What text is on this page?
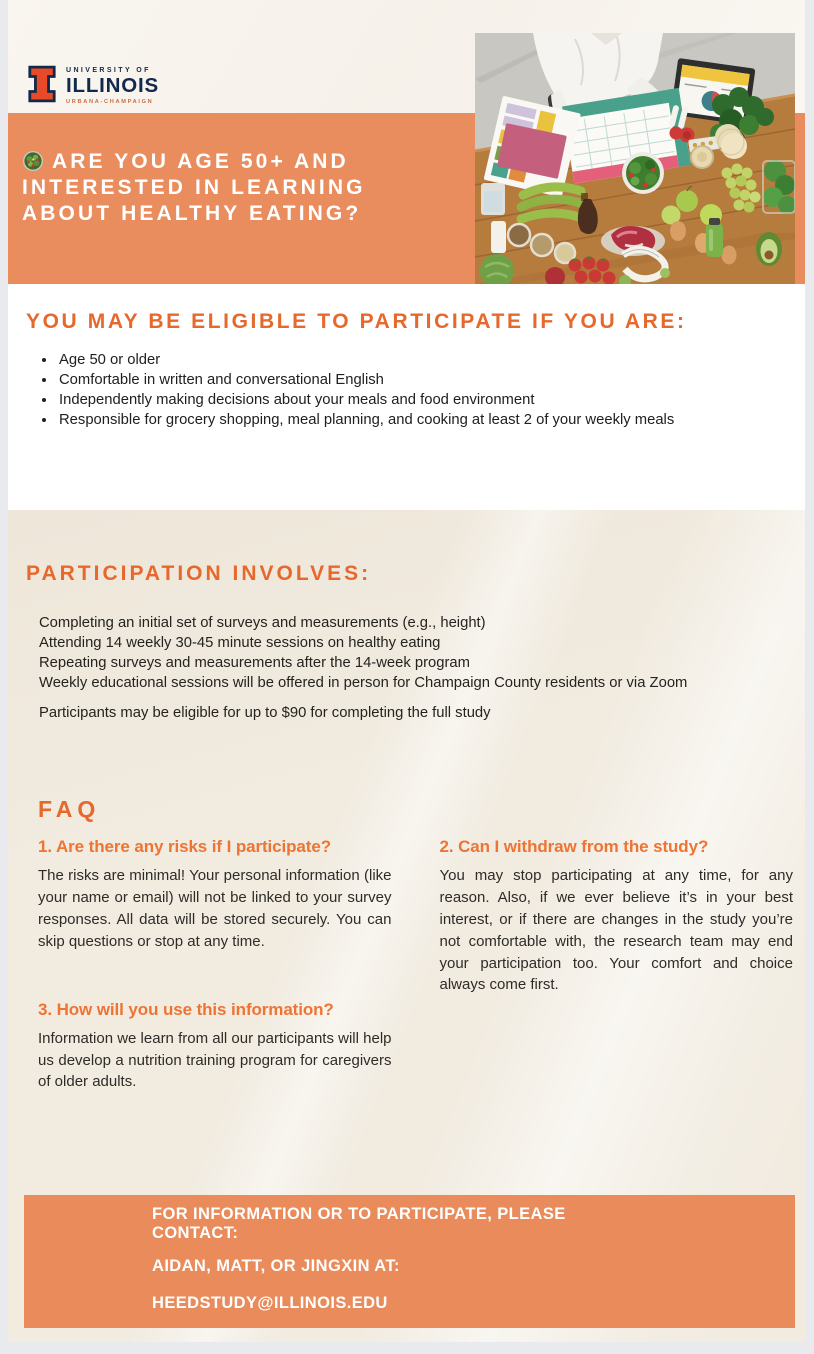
UNIVERSITY OF
ILLINOIS
URBANA-CHAMPAIGN
ARE YOU AGE 50+ AND
INTERESTED IN LEARNING
ABOUT HEALTHY EATING?
YOU MAY BE ELIGIBLE TO PARTICIPATE IF YOU ARE:
• Age 50 or older
• Comfortable in written and conversational English
• Independently making decisions about your meals and food environment
• Responsible for grocery shopping, meal planning, and cooking at least 2 of your weekly meals
PARTICIPATION INVOLVES:

Completing an initial set of surveys and measurements (e.g., height)

Attending 14 weekly 30-45 minute sessions on healthy eating

Repeating surveys and measurements after the 14-week program

Weekly educational sessions will be offered in person for Champaign County residents or via Zoom

Participants may be eligible for up to $90 for completing the full study

FAQ
1. Are there any risks if I participate?

The risks are minimal! Your personal information (like your name or email) will not be linked to your survey responses. All data will be stored securely. You can skip questions or stop at any time.

3. How will you use this information?

Information we learn from all our participants will help us develop a nutrition training program for caregivers of older adults.

2. Can I withdraw from the study?

You may stop participating at any time, for any reason. Also, if we ever believe it’s in your best interest, or if there are changes in the study you’re not comfortable with, the research team may end your participation too. Your comfort and choice always come first.

FOR INFORMATION OR TO PARTICIPATE, PLEASE CONTACT:

AIDAN, MATT, OR JINGXIN AT:

HEEDSTUDY@ILLINOIS.EDU
